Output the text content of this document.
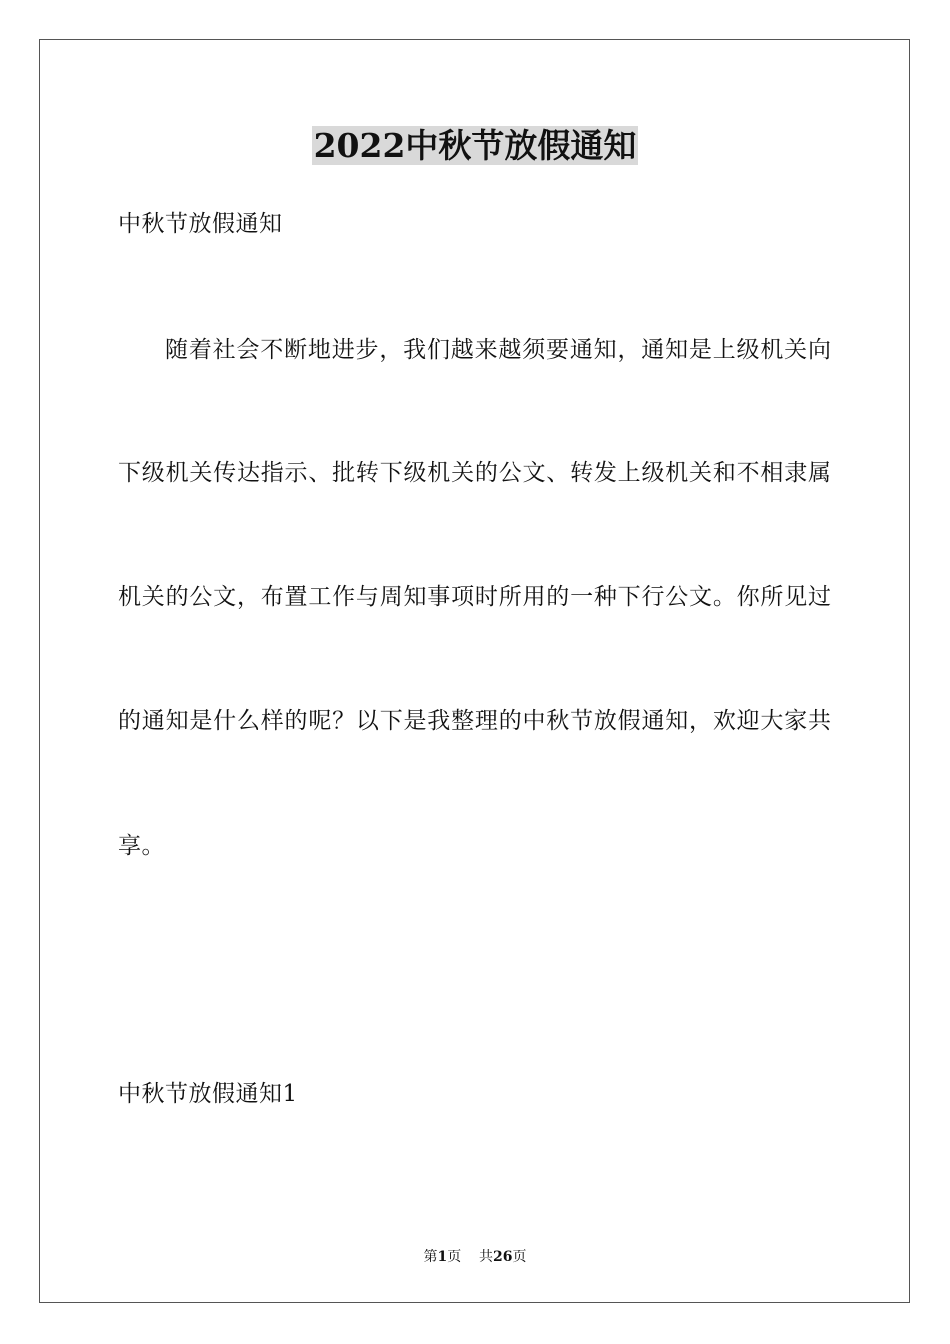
2022中秋节放假通知
中秋节放假通知
随着社会不断地进步，我们越来越须要通知，通知是上级机关向
下级机关传达指示、批转下级机关的公文、转发上级机关和不相隶属
机关的公文，布置工作与周知事项时所用的一种下行公文。你所见过
的通知是什么样的呢？以下是我整理的中秋节放假通知，欢迎大家共
享。
中秋节放假通知1
第1页 共26页
